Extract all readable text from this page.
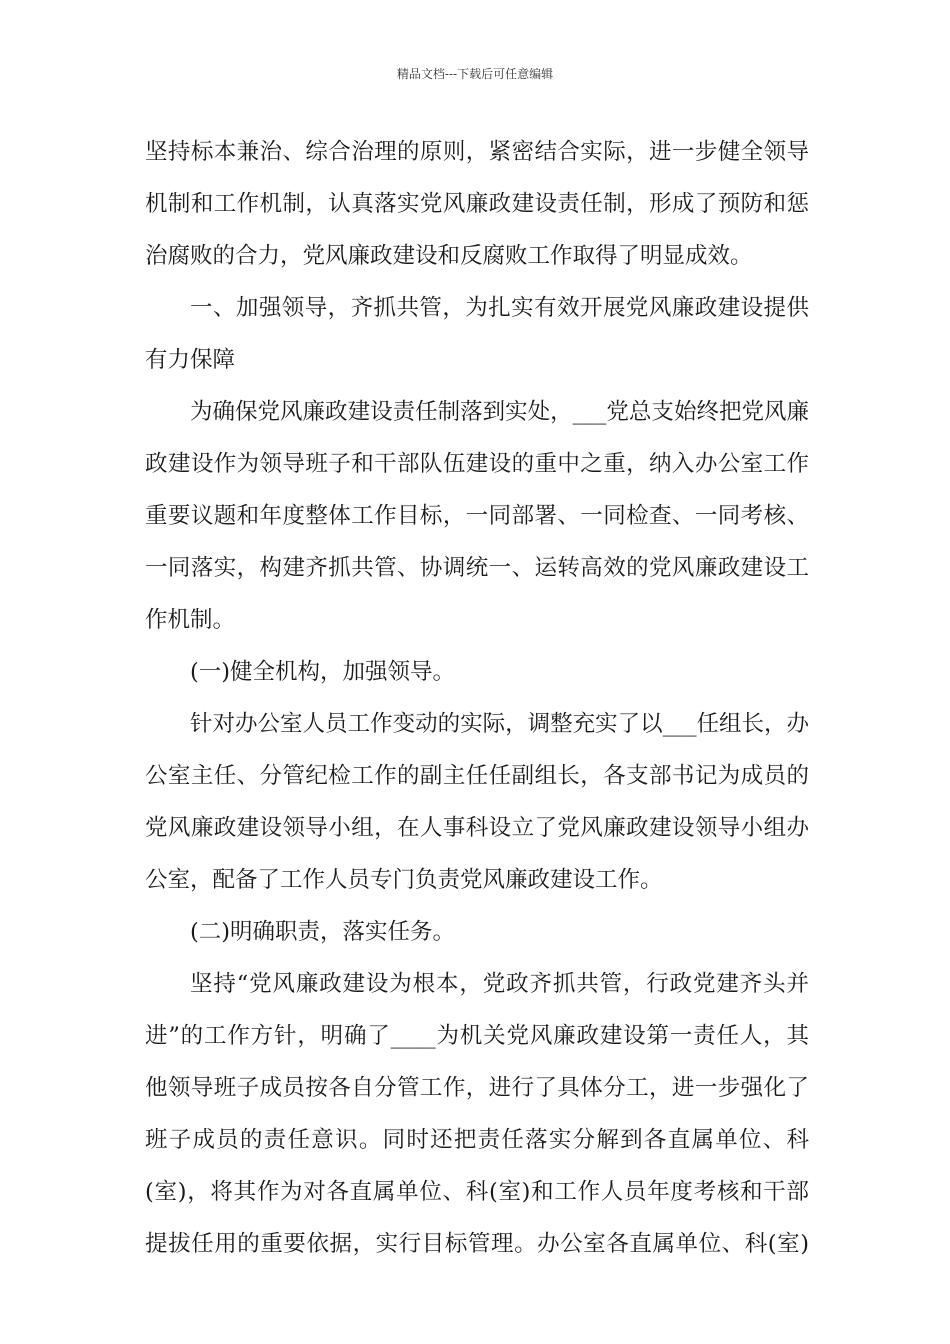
精品文档---下载后可任意编辑
坚持标本兼治、综合治理的原则，紧密结合实际，进一步健全领导
机制和工作机制，认真落实党风廉政建设责任制，形成了预防和惩
治腐败的合力，党风廉政建设和反腐败工作取得了明显成效。
一、加强领导，齐抓共管，为扎实有效开展党风廉政建设提供
有力保障
为确保党风廉政建设责任制落到实处，___党总支始终把党风廉
政建设作为领导班子和干部队伍建设的重中之重，纳入办公室工作
重要议题和年度整体工作目标，一同部署、一同检查、一同考核、
一同落实，构建齐抓共管、协调统一、运转高效的党风廉政建设工
作机制。
(一)健全机构，加强领导。
针对办公室人员工作变动的实际，调整充实了以___任组长，办
公室主任、分管纪检工作的副主任任副组长，各支部书记为成员的
党风廉政建设领导小组，在人事科设立了党风廉政建设领导小组办
公室，配备了工作人员专门负责党风廉政建设工作。
(二)明确职责，落实任务。
坚持“党风廉政建设为根本，党政齐抓共管，行政党建齐头并
进”的工作方针，明确了____为机关党风廉政建设第一责任人，其
他领导班子成员按各自分管工作，进行了具体分工，进一步强化了
班子成员的责任意识。同时还把责任落实分解到各直属单位、科
(室)，将其作为对各直属单位、科(室)和工作人员年度考核和干部
提拔任用的重要依据，实行目标管理。办公室各直属单位、科(室)
